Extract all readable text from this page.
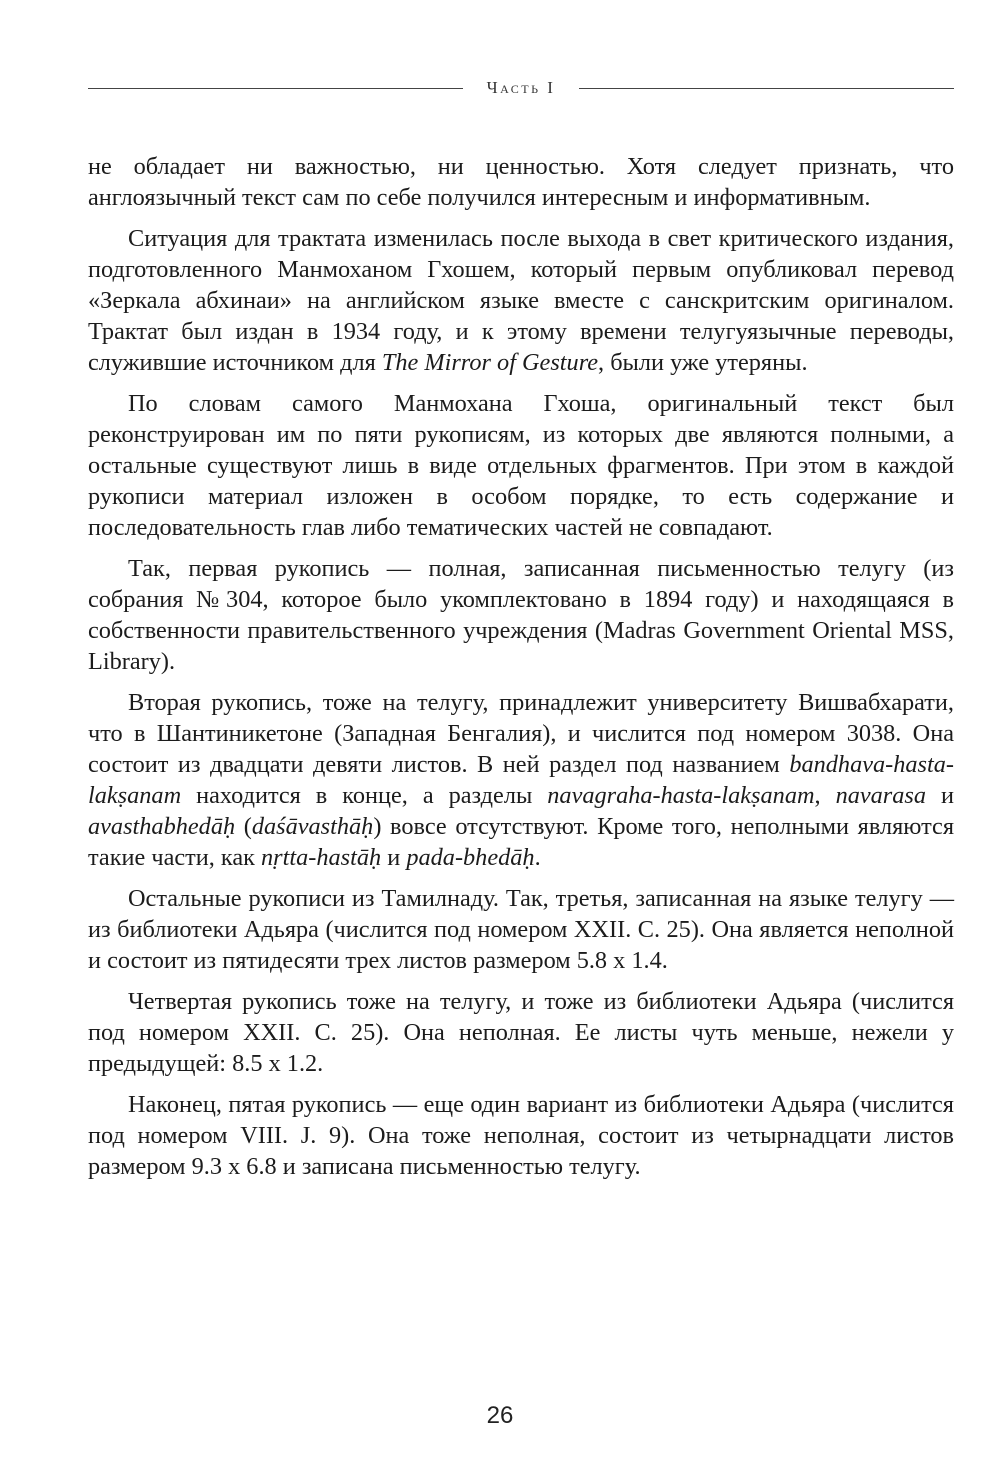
Часть I

не обладает ни важностью, ни ценностью. Хотя следует признать, что англоязычный текст сам по себе получился интересным и информативным.

Ситуация для трактата изменилась после выхода в свет критического издания, подготовленного Манмоханом Гхошем, который первым опубликовал перевод «Зеркала абхинаи» на английском языке вместе с санскритским оригиналом. Трактат был издан в 1934 году, и к этому времени телугуязычные переводы, служившие источником для The Mirror of Gesture, были уже утеряны.

По словам самого Манмохана Гхоша, оригинальный текст был реконструирован им по пяти рукописям, из которых две являются полными, а остальные существуют лишь в виде отдельных фрагментов. При этом в каждой рукописи материал изложен в особом порядке, то есть содержание и последовательность глав либо тематических частей не совпадают.

Так, первая рукопись — полная, записанная письменностью телугу (из собрания №304, которое было укомплектовано в 1894 году) и находящаяся в собственности правительственного учреждения (Madras Government Oriental MSS, Library).

Вторая рукопись, тоже на телугу, принадлежит университету Вишвабхарати, что в Шантиникетоне (Западная Бенгалия), и числится под номером 3038. Она состоит из двадцати девяти листов. В ней раздел под названием bandhava-hasta-lakṣanam находится в конце, а разделы navagraha-hasta-lakṣanam, navarasa и avasthabhedāḥ (daśāvasthāḥ) вовсе отсутствуют. Кроме того, неполными являются такие части, как nṛtta-hastāḥ и pada-bhedāḥ.

Остальные рукописи из Тамилнаду. Так, третья, записанная на языке телугу — из библиотеки Адьяра (числится под номером XXII. C. 25). Она является неполной и состоит из пятидесяти трех листов размером 5.8 x 1.4.

Четвертая рукопись тоже на телугу, и тоже из библиотеки Адьяра (числится под номером XXII. C. 25). Она неполная. Ее листы чуть меньше, нежели у предыдущей: 8.5 x 1.2.

Наконец, пятая рукопись — еще один вариант из библиотеки Адьяра (числится под номером VIII. J. 9). Она тоже неполная, состоит из четырнадцати листов размером 9.3 x 6.8 и записана письменностью телугу.

26
